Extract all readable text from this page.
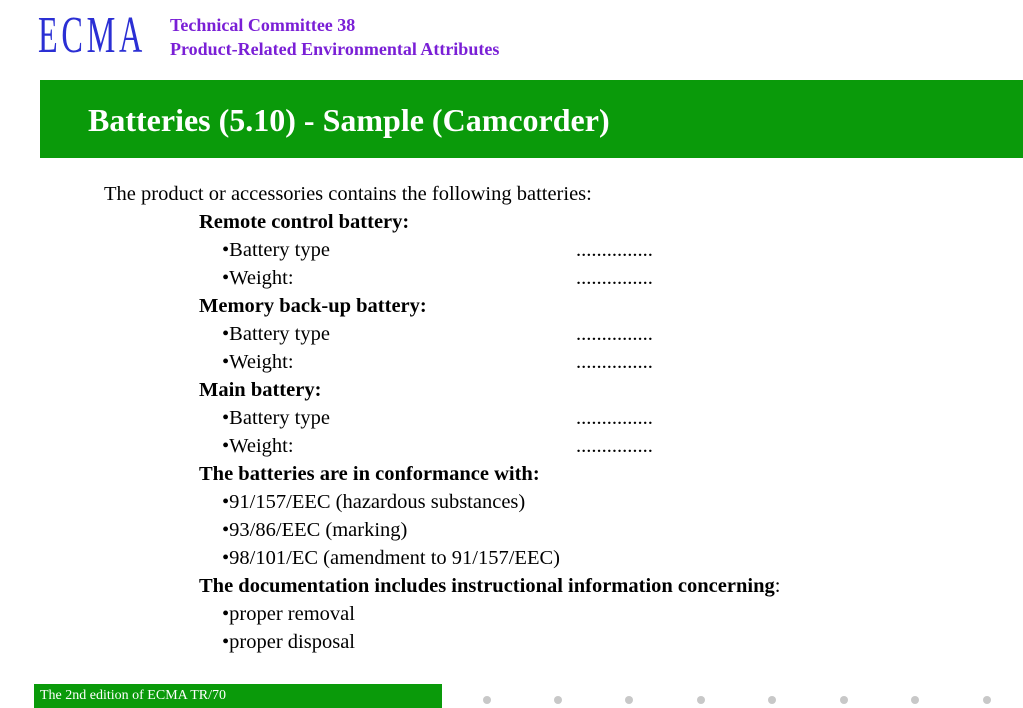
ECMA Technical Committee 38
Product-Related Environmental Attributes
Batteries (5.10) - Sample (Camcorder)
The product or accessories contains the following batteries:
Remote control battery:
•Battery type	...............
•Weight:	...............
Memory back-up battery:
•Battery type	...............
•Weight:	...............
Main battery:
•Battery type	...............
•Weight:	...............
The batteries are in conformance with:
•91/157/EEC (hazardous substances)
•93/86/EEC (marking)
•98/101/EC (amendment to 91/157/EEC)
The documentation includes instructional information concerning:
•proper removal
•proper disposal
The 2nd edition of ECMA TR/70
